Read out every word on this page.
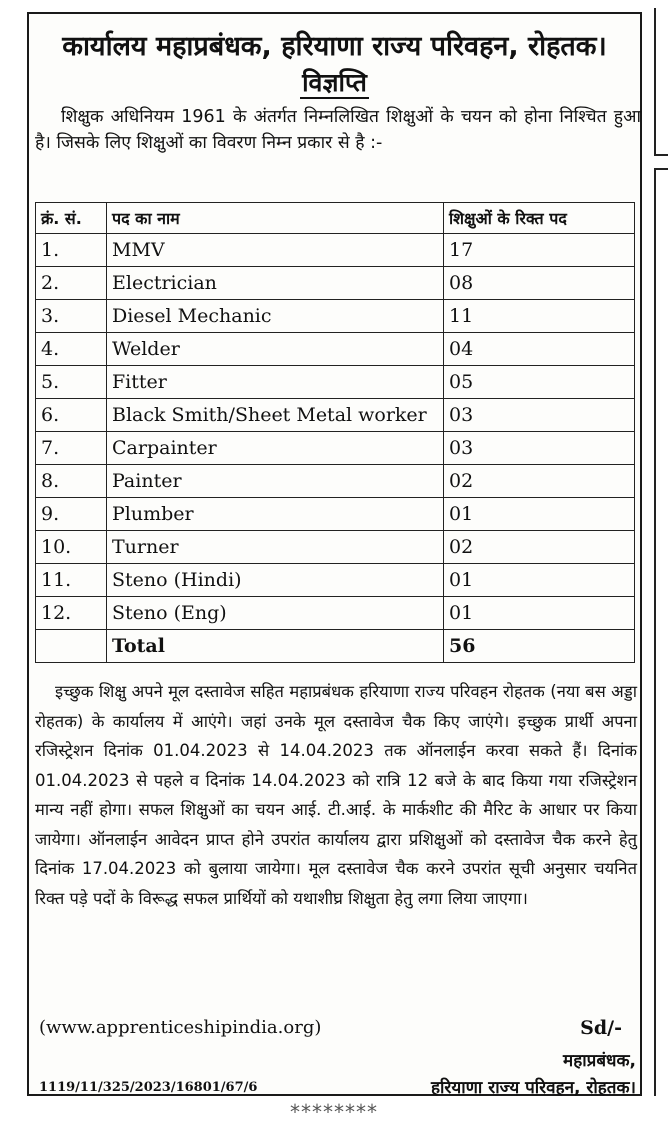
कार्यालय महाप्रबंधक, हरियाणा राज्य परिवहन, रोहतक।
विज्ञप्ति
शिक्षुक अधिनियम 1961 के अंतर्गत निम्नलिखित शिक्षुओं के चयन को होना निश्चित हुआ है। जिसके लिए शिक्षुओं का विवरण निम्न प्रकार से है :-
क्रं. सं.	पद का नाम	शिक्षुओं के रिक्त पद
1.	MMV	17
2.	Electrician	08
3.	Diesel Mechanic	11
4.	Welder	04
5.	Fitter	05
6.	Black Smith/Sheet Metal worker	03
7.	Carpainter	03
8.	Painter	02
9.	Plumber	01
10.	Turner	02
11.	Steno (Hindi)	01
12.	Steno (Eng)	01
	Total	56
इच्छुक शिक्षु अपने मूल दस्तावेज सहित महाप्रबंधक हरियाणा राज्य परिवहन रोहतक (नया बस अड्डा रोहतक) के कार्यालय में आएंगे। जहां उनके मूल दस्तावेज चैक किए जाएंगे। इच्छुक प्रार्थी अपना रजिस्ट्रेशन दिनांक 01.04.2023 से 14.04.2023 तक ऑनलाईन करवा सकते हैं। दिनांक 01.04.2023 से पहले व दिनांक 14.04.2023 को रात्रि 12 बजे के बाद किया गया रजिस्ट्रेशन मान्य नहीं होगा। सफल शिक्षुओं का चयन आई. टी.आई. के मार्कशीट की मैरिट के आधार पर किया जायेगा। ऑनलाईन आवेदन प्राप्त होने उपरांत कार्यालय द्वारा प्रशिक्षुओं को दस्तावेज चैक करने हेतु दिनांक 17.04.2023 को बुलाया जायेगा। मूल दस्तावेज चैक करने उपरांत सूची अनुसार चयनित रिक्त पड़े पदों के विरूद्ध सफल प्रार्थियों को यथाशीघ्र शिक्षुता हेतु लगा लिया जाएगा।
(www.apprenticeshipindia.org)	Sd/-
महाप्रबंधक,
1119/11/325/2023/16801/67/6	हरियाणा राज्य परिवहन, रोहतक।
********
